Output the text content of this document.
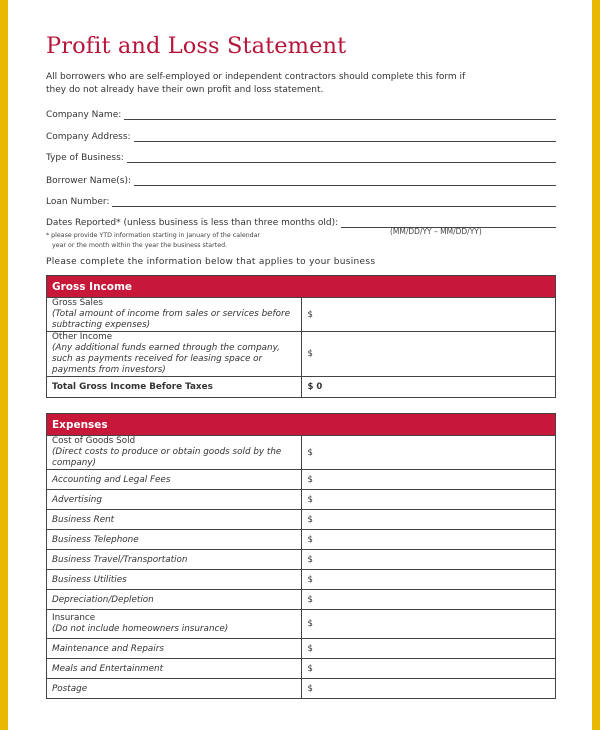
Profit and Loss Statement
All borrowers who are self-employed or independent contractors should complete this form if they do not already have their own profit and loss statement.
Company Name:
Company Address:
Type of Business:
Borrower Name(s):
Loan Number:
Dates Reported* (unless business is less than three months old):
* please provide YTD information starting in January of the calendar
year or the month within the year the business started.
(MM/DD/YY – MM/DD/YY)
Please complete the information below that applies to your business
Gross Income	

Gross Sales
(Total amount of income from sales or services before subtracting expenses)	$

Other Income
(Any additional funds earned through the company, such as payments received for leasing space or payments from investors)	$
Total Gross Income Before Taxes	$ 0
Expenses	

Cost of Goods Sold
(Direct costs to produce or obtain goods sold by the company)	$
Accounting and Legal Fees	$
Advertising	$
Business Rent	$
Business Telephone	$
Business Travel/Transportation	$
Business Utilities	$
Depreciation/Depletion	$

Insurance
(Do not include homeowners insurance)	$
Maintenance and Repairs	$
Meals and Entertainment	$
Postage	$
